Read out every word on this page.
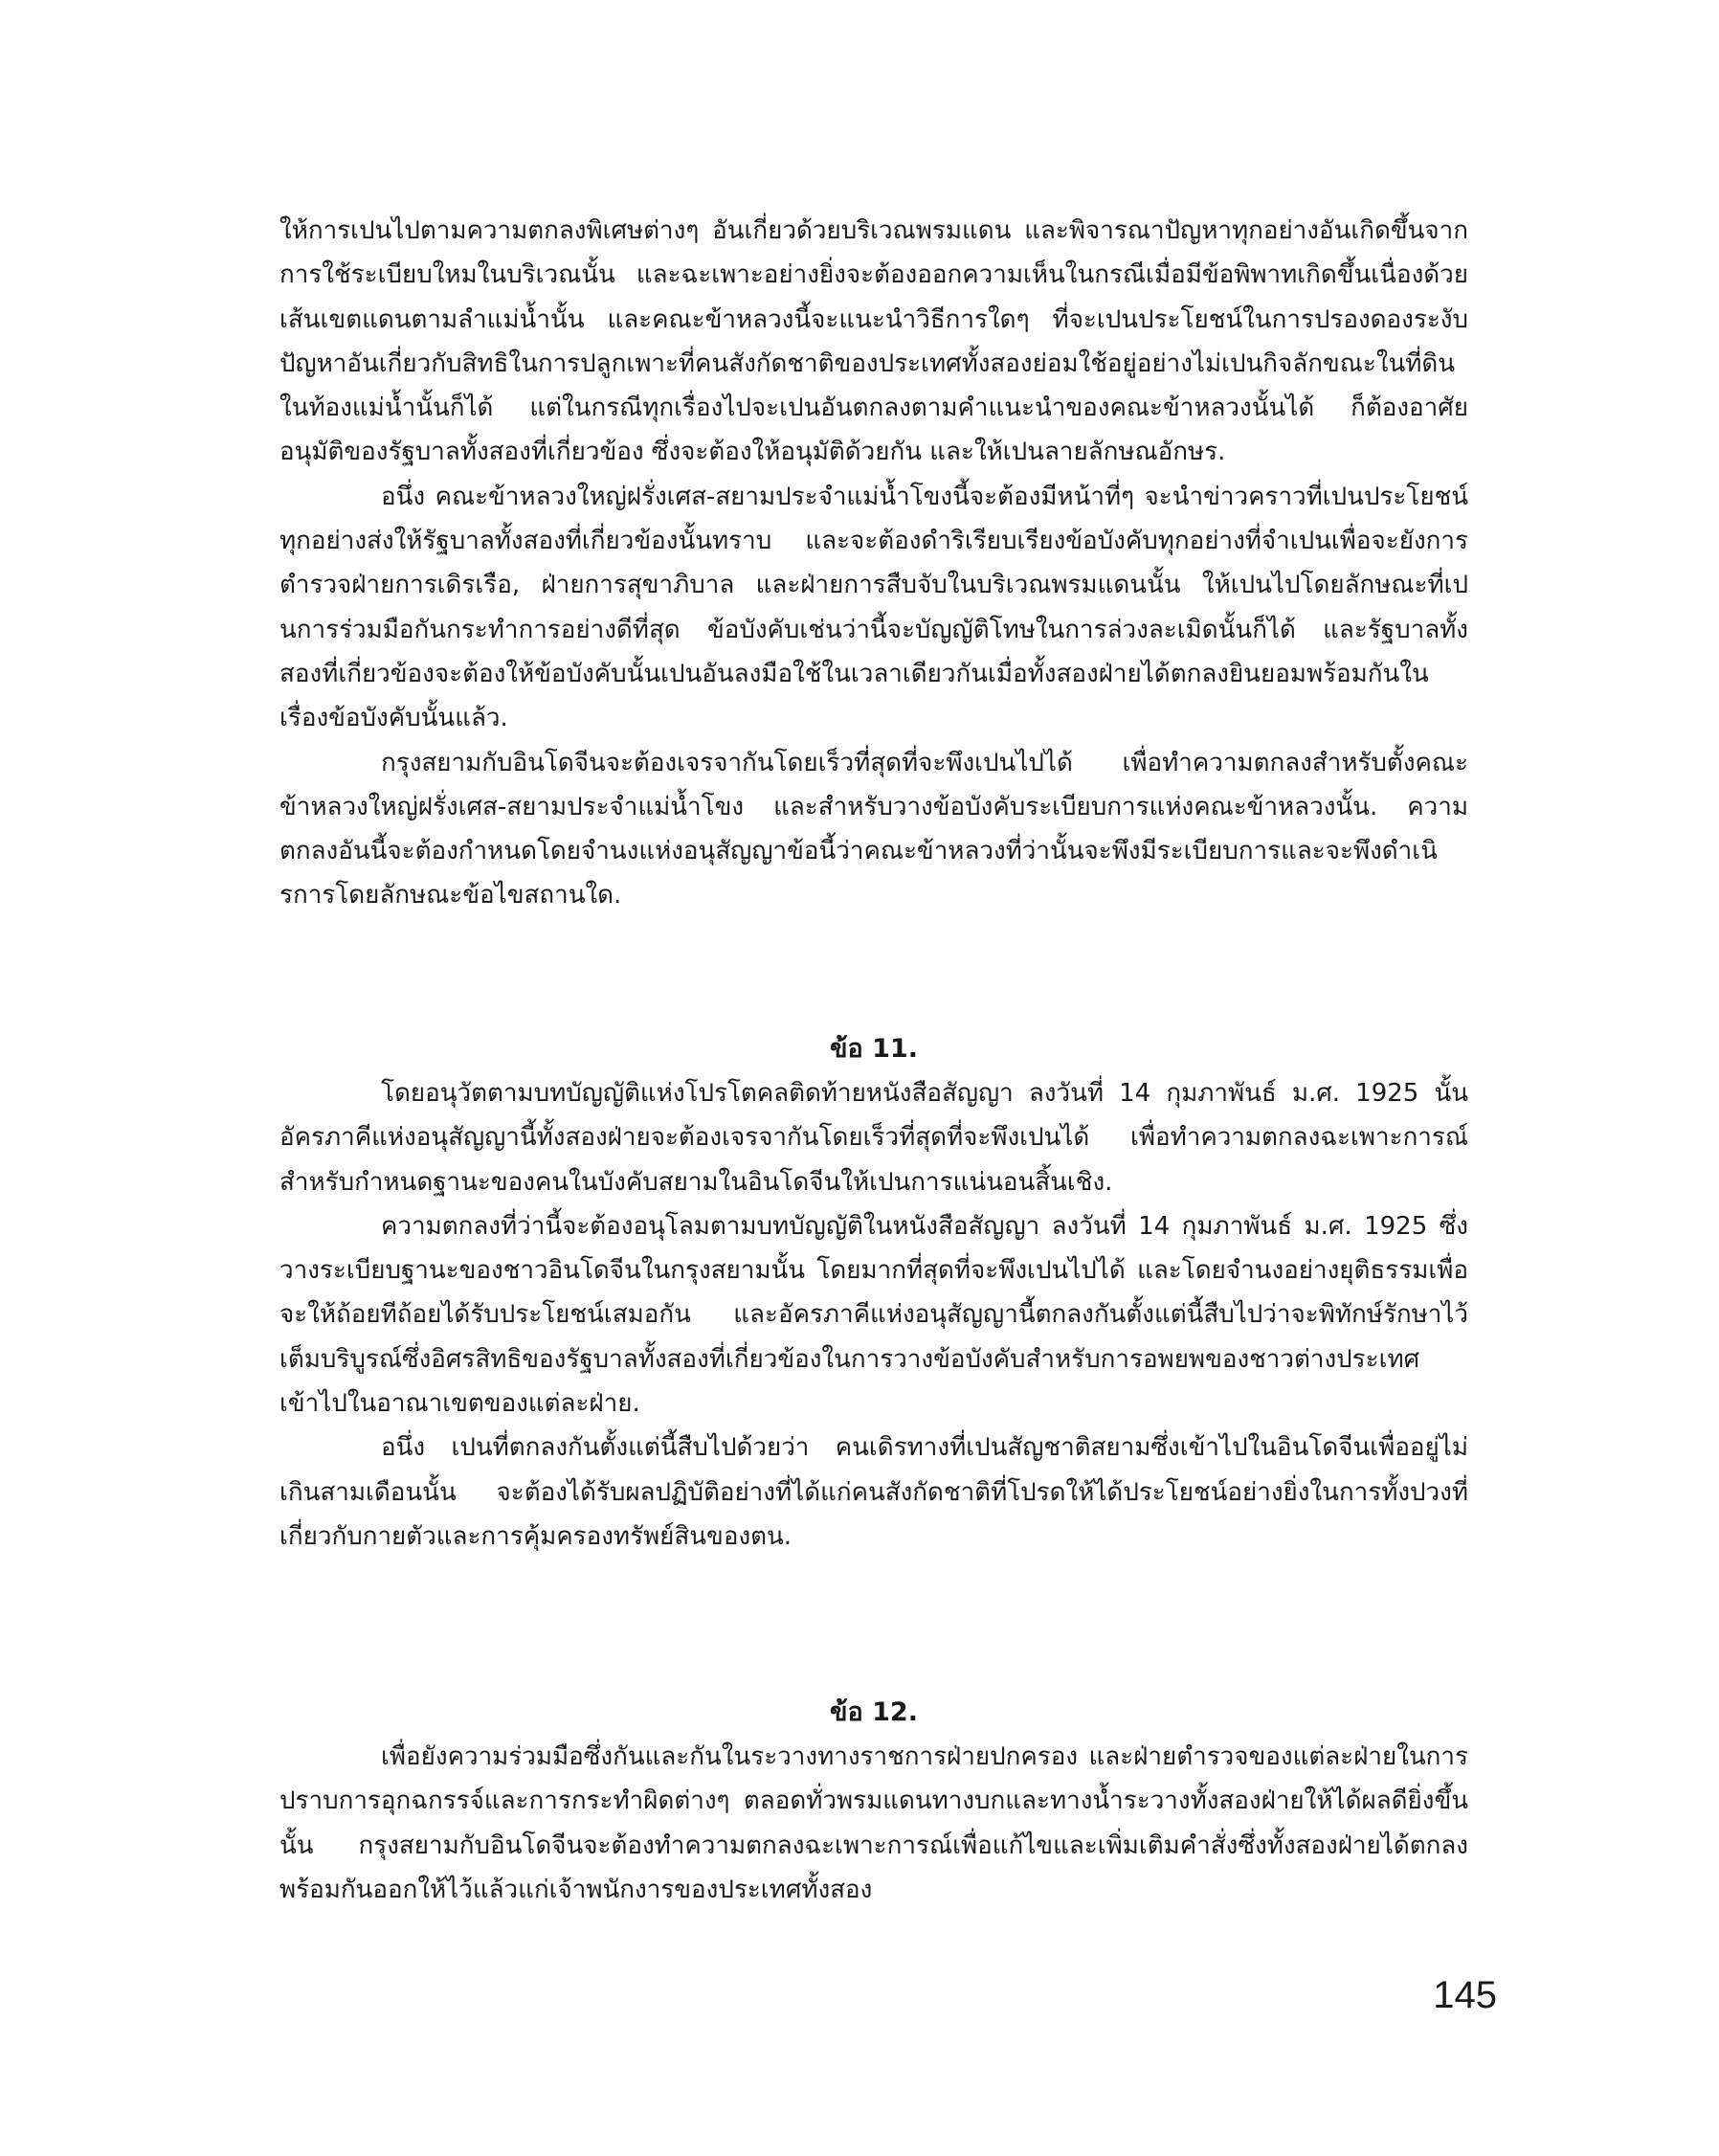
ให้การเปนไปตามความตกลงพิเศษต่างๆ อันเกี่ยวด้วยบริเวณพรมแดน และพิจารณาปัญหาทุกอย่างอันเกิดขึ้นจากการใช้ระเบียบใหมในบริเวณนั้น และฉะเพาะอย่างยิ่งจะต้องออกความเห็นในกรณีเมื่อมีข้อพิพาทเกิดขึ้นเนื่องด้วยเส้นเขตแดนตามลำแม่น้ำนั้น และคณะข้าหลวงนี้จะแนะนำวิธีการใดๆ ที่จะเปนประโยชน์ในการปรองดองระงับปัญหาอันเกี่ยวกับสิทธิในการปลูกเพาะที่คนสังกัดชาติของประเทศทั้งสองย่อมใช้อยู่อย่างไม่เปนกิจลักขณะในที่ดินในท้องแม่น้ำนั้นก็ได้ แต่ในกรณีทุกเรื่องไปจะเปนอันตกลงตามคำแนะนำของคณะข้าหลวงนั้นได้ ก็ต้องอาศัยอนุมัติของรัฐบาลทั้งสองที่เกี่ยวข้อง ซึ่งจะต้องให้อนุมัติด้วยกัน และให้เปนลายลักษณอักษร.

อนึ่ง คณะข้าหลวงใหญ่ฝรั่งเศส-สยามประจำแม่น้ำโขงนี้จะต้องมีหน้าที่ๆ จะนำข่าวคราวที่เปนประโยชน์ทุกอย่างส่งให้รัฐบาลทั้งสองที่เกี่ยวข้องนั้นทราบ และจะต้องดำริเรียบเรียงข้อบังคับทุกอย่างที่จำเปนเพื่อจะยังการตำรวจฝ่ายการเดิรเรือ, ฝ่ายการสุขาภิบาล และฝ่ายการสืบจับในบริเวณพรมแดนนั้น ให้เปนไปโดยลักษณะที่เปนการร่วมมือกันกระทำการอย่างดีที่สุด ข้อบังคับเช่นว่านี้จะบัญญัติโทษในการล่วงละเมิดนั้นก็ได้ และรัฐบาลทั้งสองที่เกี่ยวข้องจะต้องให้ข้อบังคับนั้นเปนอันลงมือใช้ในเวลาเดียวกันเมื่อทั้งสองฝ่ายได้ตกลงยินยอมพร้อมกันในเรื่องข้อบังคับนั้นแล้ว.

กรุงสยามกับอินโดจีนจะต้องเจรจากันโดยเร็วที่สุดที่จะพึงเปนไปได้ เพื่อทำความตกลงสำหรับตั้งคณะข้าหลวงใหญ่ฝรั่งเศส-สยามประจำแม่น้ำโขง และสำหรับวางข้อบังคับระเบียบการแห่งคณะข้าหลวงนั้น. ความตกลงอันนี้จะต้องกำหนดโดยจำนงแห่งอนุสัญญาข้อนี้ว่าคณะข้าหลวงที่ว่านั้นจะพึงมีระเบียบการและจะพึงดำเนิรการโดยลักษณะข้อไขสถานใด.

ข้อ 11.

โดยอนุวัตตามบทบัญญัติแห่งโปรโตคลติดท้ายหนังสือสัญญา ลงวันที่ 14 กุมภาพันธ์ ม.ศ. 1925 นั้น อัครภาคีแห่งอนุสัญญานี้ทั้งสองฝ่ายจะต้องเจรจากันโดยเร็วที่สุดที่จะพึงเปนได้ เพื่อทำความตกลงฉะเพาะการณ์สำหรับกำหนดฐานะของคนในบังคับสยามในอินโดจีนให้เปนการแน่นอนสิ้นเชิง.

ความตกลงที่ว่านี้จะต้องอนุโลมตามบทบัญญัติในหนังสือสัญญา ลงวันที่ 14 กุมภาพันธ์ ม.ศ. 1925 ซึ่งวางระเบียบฐานะของชาวอินโดจีนในกรุงสยามนั้น โดยมากที่สุดที่จะพึงเปนไปได้ และโดยจำนงอย่างยุติธรรมเพื่อจะให้ถ้อยทีถ้อยได้รับประโยชน์เสมอกัน และอัครภาคีแห่งอนุสัญญานี้ตกลงกันตั้งแต่นี้สืบไปว่าจะพิทักษ์รักษาไว้เต็มบริบูรณ์ซึ่งอิศรสิทธิของรัฐบาลทั้งสองที่เกี่ยวข้องในการวางข้อบังคับสำหรับการอพยพของชาวต่างประเทศเข้าไปในอาณาเขตของแต่ละฝ่าย.

อนึ่ง เปนที่ตกลงกันตั้งแต่นี้สืบไปด้วยว่า คนเดิรทางที่เปนสัญชาติสยามซึ่งเข้าไปในอินโดจีนเพื่ออยู่ไม่เกินสามเดือนนั้น จะต้องได้รับผลปฏิบัติอย่างที่ได้แก่คนสังกัดชาติที่โปรดให้ได้ประโยชน์อย่างยิ่งในการทั้งปวงที่เกี่ยวกับกายตัวและการคุ้มครองทรัพย์สินของตน.

ข้อ 12.

เพื่อยังความร่วมมือซึ่งกันและกันในระวางทางราชการฝ่ายปกครอง และฝ่ายตำรวจของแต่ละฝ่ายในการปราบการอุกฉกรรจ์และการกระทำผิดต่างๆ ตลอดทั่วพรมแดนทางบกและทางน้ำระวางทั้งสองฝ่ายให้ได้ผลดียิ่งขึ้นนั้น กรุงสยามกับอินโดจีนจะต้องทำความตกลงฉะเพาะการณ์เพื่อแก้ไขและเพิ่มเติมคำสั่งซึ่งทั้งสองฝ่ายได้ตกลงพร้อมกันออกให้ไว้แล้วแก่เจ้าพนักงารของประเทศทั้งสอง

145
